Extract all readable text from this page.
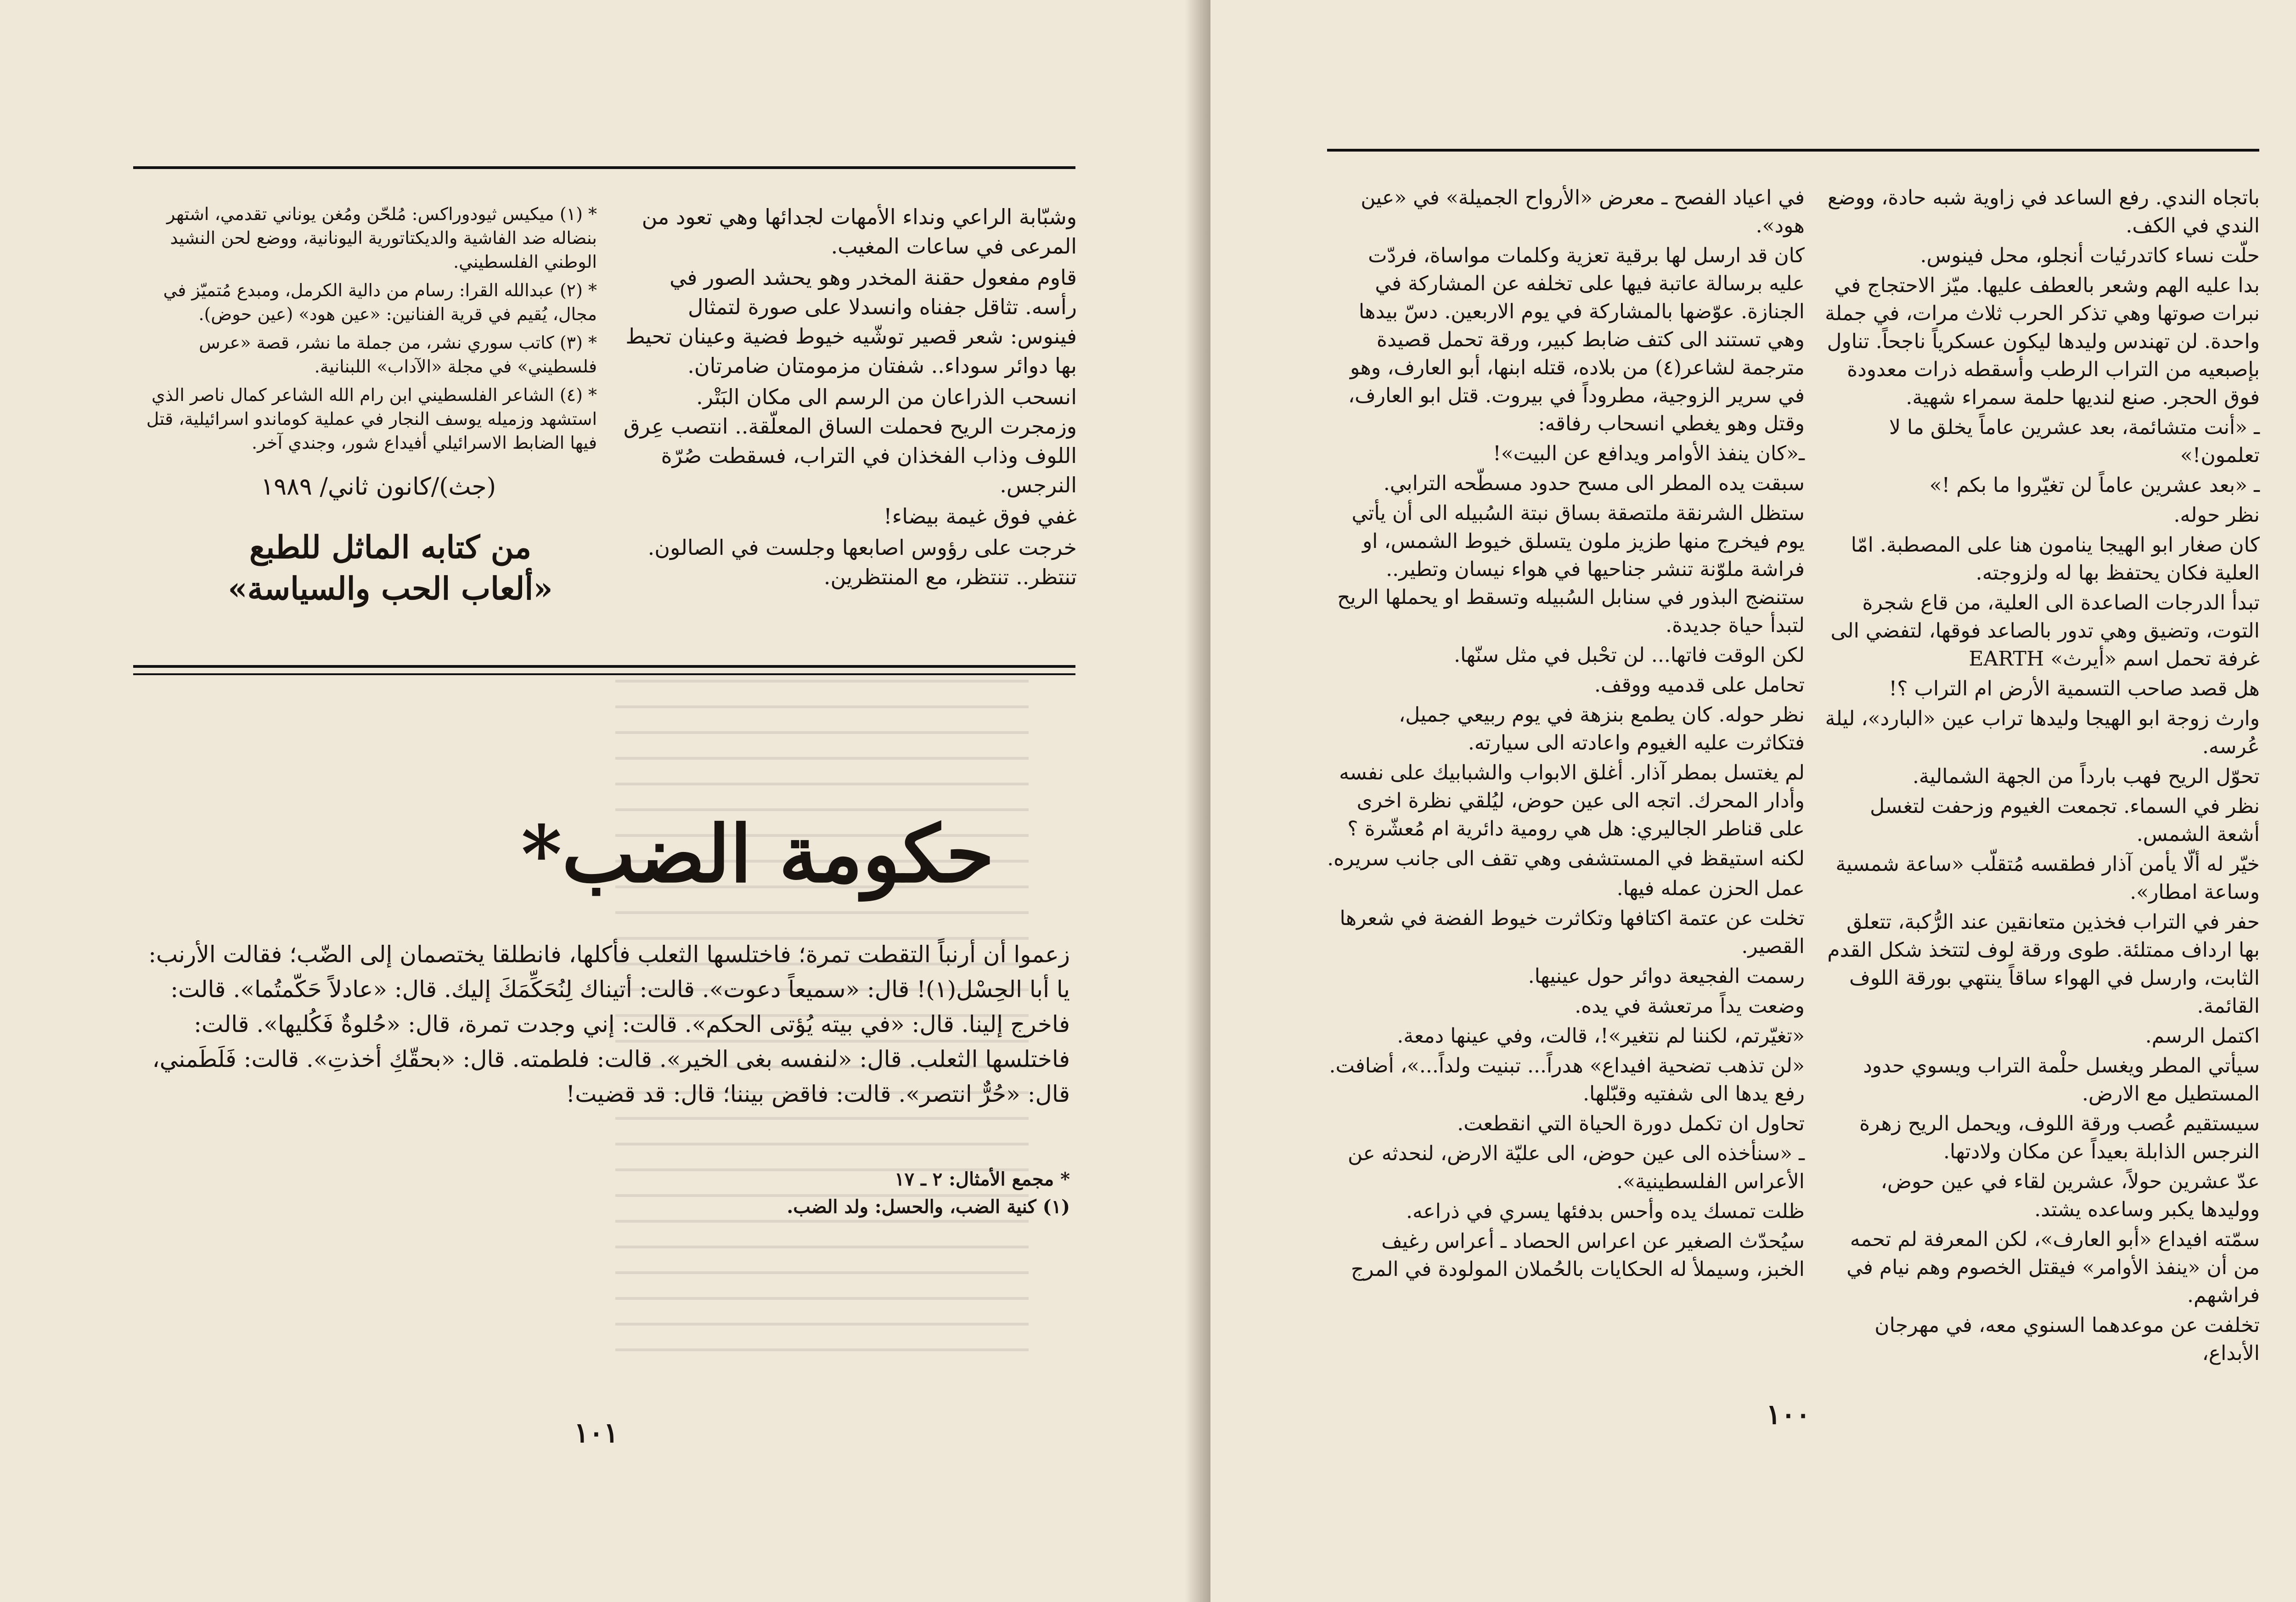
وشبّابة الراعي ونداء الأمهات لجدائها وهي تعود من المرعى في ساعات المغيب.

قاوم مفعول حقنة المخدر وهو يحشد الصور في رأسه. تثاقل جفناه وانسدلا على صورة لتمثال فينوس: شعر قصير توشّيه خيوط فضية وعينان تحيط بها دوائر سوداء.. شفتان مزمومتان ضامرتان.

انسحب الذراعان من الرسم الى مكان البَتْر. وزمجرت الريح فحملت الساق المعلّقة.. انتصب عِرق اللوف وذاب الفخذان في التراب، فسقطت صُرّة النرجس.

غفي فوق غيمة بيضاء!

خرجت على رؤوس اصابعها وجلست في الصالون. تنتظر.. تنتظر، مع المنتظرين.

* (١) ميكيس ثيودوراكس: مُلحّن ومُغن يوناني تقدمي، اشتهر بنضاله ضد الفاشية والديكتاتورية اليونانية، ووضع لحن النشيد الوطني الفلسطيني.

* (٢) عبدالله القرا: رسام من دالية الكرمل، ومبدع مُتميّز في مجال، يُقيم في قرية الفنانين: «عين هود» (عين حوض).

* (٣) كاتب سوري نشر، من جملة ما نشر، قصة «عرس فلسطيني» في مجلة «الآداب» اللبنانية.

* (٤) الشاعر الفلسطيني ابن رام الله الشاعر كمال ناصر الذي استشهد وزميله يوسف النجار في عملية كوماندو اسرائيلية، قتل فيها الضابط الاسرائيلي أفيداع شور، وجندي آخر.

(جث)/كانون ثاني/ ١٩٨٩
من كتابه الماثل للطبع
«ألعاب الحب والسياسة»
حكومة الضب*
زعموا أن أرنباً التقطت تمرة؛ فاختلسها الثعلب فأكلها، فانطلقا يختصمان إلى الضّب؛ فقالت الأرنب: يا أبا الحِسْل(١)! قال: «سميعاً دعوت». قالت: أتيناك لِنُحَكِّمَكَ إليك. قال: «عادلاً حَكّمتُما». قالت: فاخرج إلينا. قال: «في بيته يُؤتى الحكم». قالت: إني وجدت تمرة، قال: «حُلوةٌ فَكُليها». قالت: فاختلسها الثعلب. قال: «لنفسه بغى الخير». قالت: فلطمته. قال: «بحقّكِ أخذتِ». قالت: فَلَطَمني، قال: «حُرٌّ انتصر». قالت: فاقض بيننا؛ قال: قد قضيت!
* مجمع الأمثال: ٢ ـ ١٧
(١) كنية الضب، والحسل: ولد الضب.
١٠١

باتجاه الندي. رفع الساعد في زاوية شبه حادة، ووضع الندي في الكف.

حلّت نساء كاتدرئيات أنجلو، محل فينوس.

بدا عليه الهم وشعر بالعطف عليها. ميّز الاحتجاج في نبرات صوتها وهي تذكر الحرب ثلاث مرات، في جملة واحدة. لن تهندس وليدها ليكون عسكرياً ناجحاً. تناول بإصبعيه من التراب الرطب وأسقطه ذرات معدودة فوق الحجر. صنع لنديها حلمة سمراء شهية.

ـ «أنت متشائمة، بعد عشرين عاماً يخلق ما لا تعلمون!»

ـ «بعد عشرين عاماً لن تغيّروا ما بكم !»

نظر حوله.

كان صغار ابو الهيجا ينامون هنا على المصطبة. امّا العلية فكان يحتفظ بها له ولزوجته.

تبدأ الدرجات الصاعدة الى العلية، من قاع شجرة التوت، وتضيق وهي تدور بالصاعد فوقها، لتفضي الى غرفة تحمل اسم «أيرث» EARTH

هل قصد صاحب التسمية الأرض ام التراب ؟!

وارث زوجة ابو الهيجا وليدها تراب عين «البارد»، ليلة عُرسه.

تحوّل الريح فهب بارداً من الجهة الشمالية.

نظر في السماء. تجمعت الغيوم وزحفت لتغسل أشعة الشمس.

خيّر له ألّا يأمن آذار فطقسه مُتقلّب «ساعة شمسية وساعة امطار».

حفر في التراب فخذين متعانقين عند الرُّكبة، تتعلق بها ارداف ممتلئة. طوى ورقة لوف لتتخذ شكل القدم الثابت، وارسل في الهواء ساقاً ينتهي بورقة اللوف القائمة.

اكتمل الرسم.

سيأتي المطر ويغسل حلْمة التراب ويسوي حدود المستطيل مع الارض.

سيستقيم عُصب ورقة اللوف، ويحمل الريح زهرة النرجس الذابلة بعيداً عن مكان ولادتها.

عدّ عشرين حولاً، عشرين لقاء في عين حوض، ووليدها يكبر وساعده يشتد.

سمّته افيداع «أبو العارف»، لكن المعرفة لم تحمه من أن «ينفذ الأوامر» فيقتل الخصوم وهم نيام في فراشهم.

تخلفت عن موعدهما السنوي معه، في مهرجان الأبداع،

في اعياد الفصح ـ معرض «الأرواح الجميلة» في «عين هود».

كان قد ارسل لها برقية تعزية وكلمات مواساة، فردّت عليه برسالة عاتبة فيها على تخلفه عن المشاركة في الجنازة. عوّضها بالمشاركة في يوم الاربعين. دسّ بيدها وهي تستند الى كتف ضابط كبير، ورقة تحمل قصيدة مترجمة لشاعر(٤) من بلاده، قتله ابنها، أبو العارف، وهو في سرير الزوجية، مطروداً في بيروت. قتل ابو العارف، وقتل وهو يغطي انسحاب رفاقه:

ـ«كان ينفذ الأوامر ويدافع عن البيت»!

سبقت يده المطر الى مسح حدود مسطّحه الترابي.

ستظل الشرنقة ملتصقة بساق نبتة السُبيله الى أن يأتي يوم فيخرج منها طزيز ملون يتسلق خيوط الشمس، او فراشة ملوّنة تنشر جناحيها في هواء نيسان وتطير.. ستنضج البذور في سنابل السُبيله وتسقط او يحملها الريح لتبدأ حياة جديدة.

لكن الوقت فاتها... لن تحْبل في مثل سنّها.

تحامل على قدميه ووقف.

نظر حوله. كان يطمع بنزهة في يوم ربيعي جميل، فتكاثرت عليه الغيوم واعادته الى سيارته.

لم يغتسل بمطر آذار. أغلق الابواب والشبابيك على نفسه وأدار المحرك. اتجه الى عين حوض، ليُلقي نظرة اخرى على قناطر الجاليري: هل هي رومية دائرية ام مُعشّرة ؟

لكنه استيقظ في المستشفى وهي تقف الى جانب سريره.

عمل الحزن عمله فيها.

تخلت عن عتمة اكتافها وتكاثرت خيوط الفضة في شعرها القصير.

رسمت الفجيعة دوائر حول عينيها.

وضعت يداً مرتعشة في يده.

«تغيّرتم، لكننا لم نتغير»!، قالت، وفي عينها دمعة.

«لن تذهب تضحية افيداع» هدراً... تبنيت ولداً...»، أضافت. رفع يدها الى شفتيه وقبّلها.

تحاول ان تكمل دورة الحياة التي انقطعت.

ـ «سنأخذه الى عين حوض، الى عليّة الارض، لنحدثه عن الأعراس الفلسطينية».

ظلت تمسك يده وأحس بدفئها يسري في ذراعه.

سيُحدّث الصغير عن اعراس الحصاد ـ أعراس رغيف الخبز، وسيملأ له الحكايات بالحُملان المولودة في المرج

١٠٠
